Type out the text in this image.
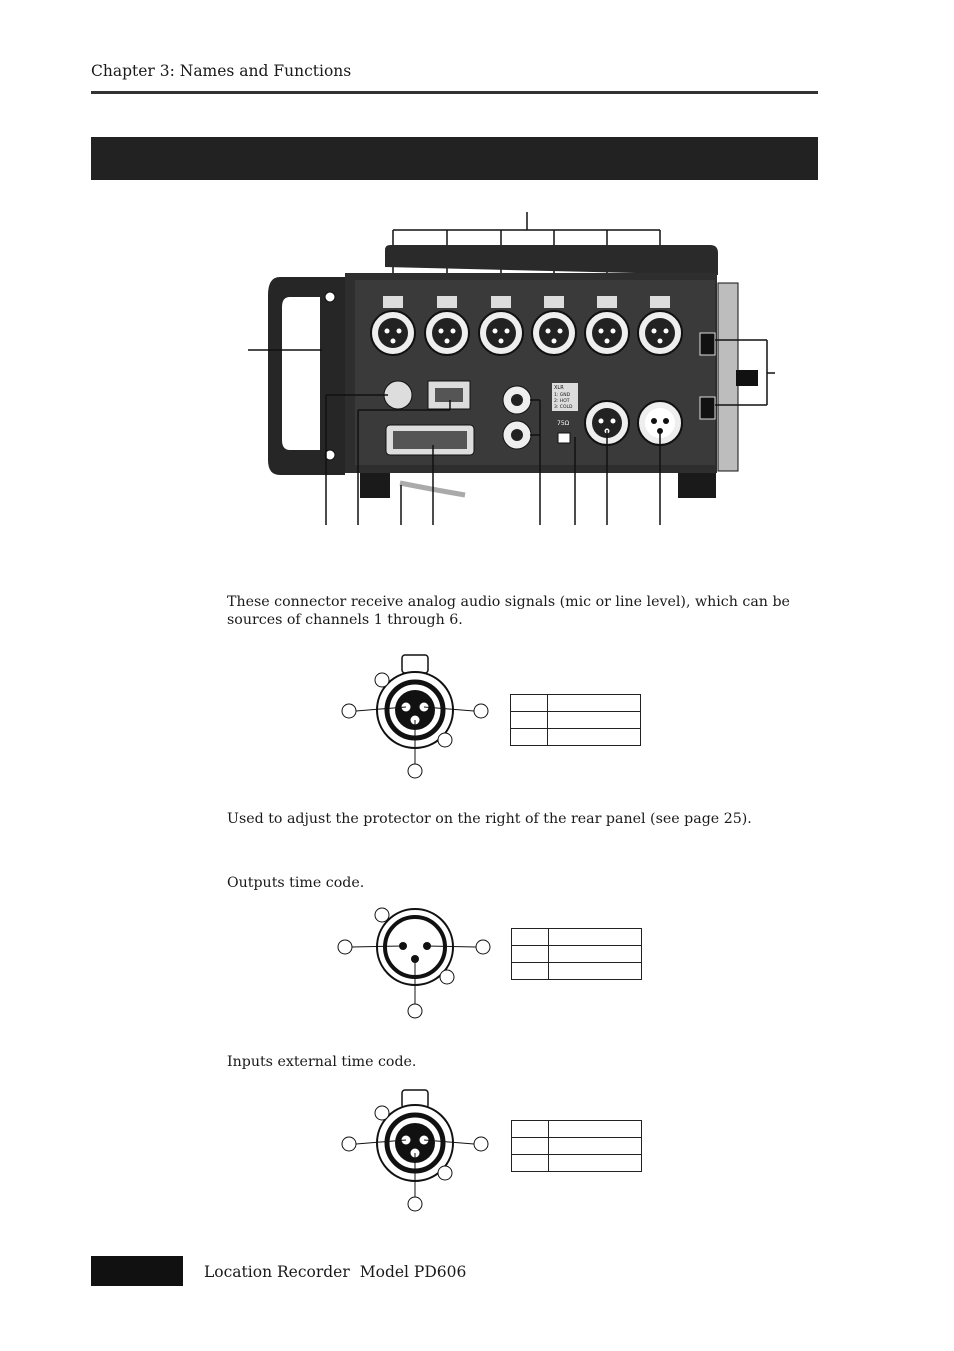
Chapter 3: Names and Functions
XLR
1: GND
2: HOT
3: COLD
75Ω
These connector receive analog audio signals (mic or line level), which can be sources of channels 1 through 6.

Used to adjust the protector on the right of the rear panel (see page 25).
Outputs time code.

Inputs external time code.

Location Recorder Model PD606
